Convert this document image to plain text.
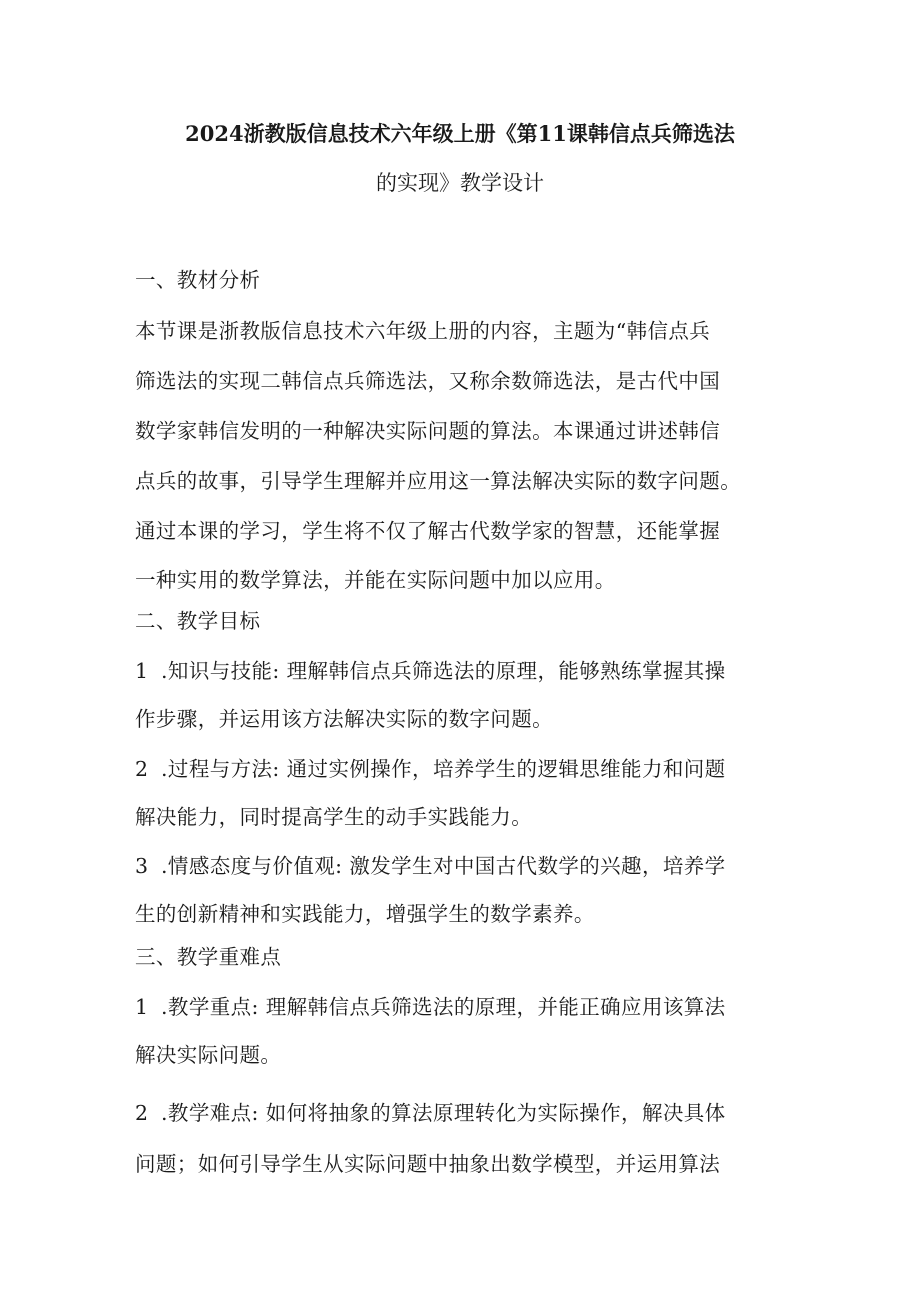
2024浙教版信息技术六年级上册《第11课韩信点兵筛选法
的实现》教学设计
一、教材分析
本节课是浙教版信息技术六年级上册的内容，主题为“韩信点兵
筛选法的实现二韩信点兵筛选法，又称余数筛选法，是古代中国
数学家韩信发明的一种解决实际问题的算法。本课通过讲述韩信
点兵的故事，引导学生理解并应用这一算法解决实际的数字问题。
通过本课的学习，学生将不仅了解古代数学家的智慧，还能掌握
一种实用的数学算法，并能在实际问题中加以应用。
二、教学目标
1 .知识与技能: 理解韩信点兵筛选法的原理，能够熟练掌握其操
作步骤，并运用该方法解决实际的数字问题。
2 .过程与方法: 通过实例操作，培养学生的逻辑思维能力和问题
解决能力，同时提高学生的动手实践能力。
3 .情感态度与价值观: 激发学生对中国古代数学的兴趣，培养学
生的创新精神和实践能力，增强学生的数学素养。
三、教学重难点
1 .教学重点: 理解韩信点兵筛选法的原理，并能正确应用该算法
解决实际问题。
2 .教学难点: 如何将抽象的算法原理转化为实际操作，解决具体
问题；如何引导学生从实际问题中抽象出数学模型，并运用算法
